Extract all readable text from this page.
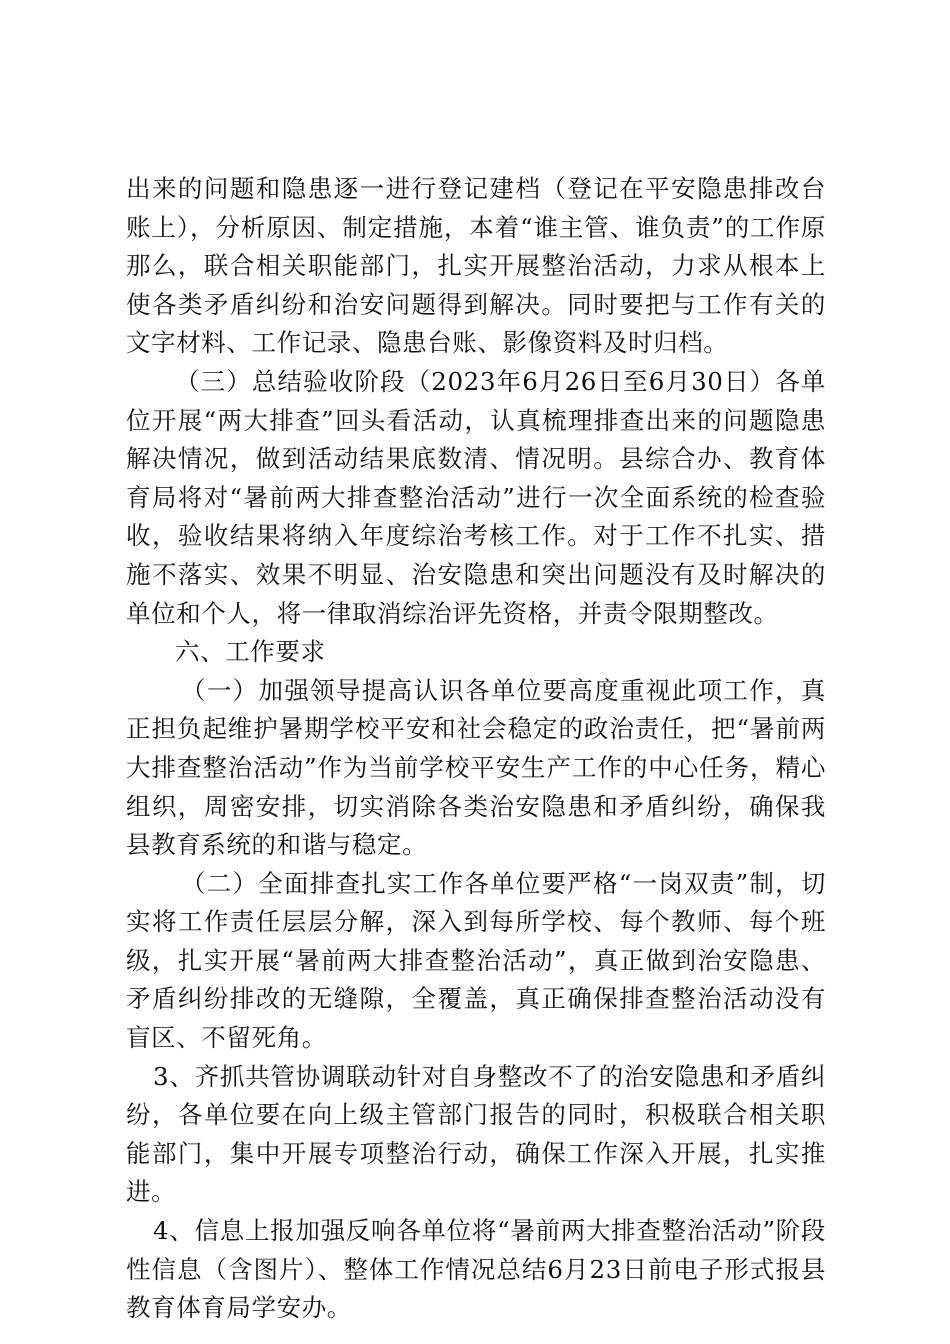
出来的问题和隐患逐一进行登记建档（登记在平安隐患排改台账上），分析原因、制定措施，本着“谁主管、谁负责”的工作原那么，联合相关职能部门，扎实开展整治活动，力求从根本上使各类矛盾纠纷和治安问题得到解决。同时要把与工作有关的文字材料、工作记录、隐患台账、影像资料及时归档。

（三）总结验收阶段（2023年6月26日至6月30日）各单位开展“两大排查”回头看活动，认真梳理排查出来的问题隐患解决情况，做到活动结果底数清、情况明。县综合办、教育体育局将对“暑前两大排查整治活动”进行一次全面系统的检查验收，验收结果将纳入年度综治考核工作。对于工作不扎实、措施不落实、效果不明显、治安隐患和突出问题没有及时解决的单位和个人，将一律取消综治评先资格，并责令限期整改。

六、工作要求

（一）加强领导提高认识各单位要高度重视此项工作，真正担负起维护暑期学校平安和社会稳定的政治责任，把“暑前两大排查整治活动”作为当前学校平安生产工作的中心任务，精心组织，周密安排，切实消除各类治安隐患和矛盾纠纷，确保我县教育系统的和谐与稳定。

（二）全面排查扎实工作各单位要严格“一岗双责”制，切实将工作责任层层分解，深入到每所学校、每个教师、每个班级，扎实开展“暑前两大排查整治活动”，真正做到治安隐患、矛盾纠纷排改的无缝隙，全覆盖，真正确保排查整治活动没有盲区、不留死角。

3、齐抓共管协调联动针对自身整改不了的治安隐患和矛盾纠纷，各单位要在向上级主管部门报告的同时，积极联合相关职能部门，集中开展专项整治行动，确保工作深入开展，扎实推进。

4、信息上报加强反响各单位将“暑前两大排查整治活动”阶段性信息（含图片）、整体工作情况总结6月23日前电子形式报县教育体育局学安办。
